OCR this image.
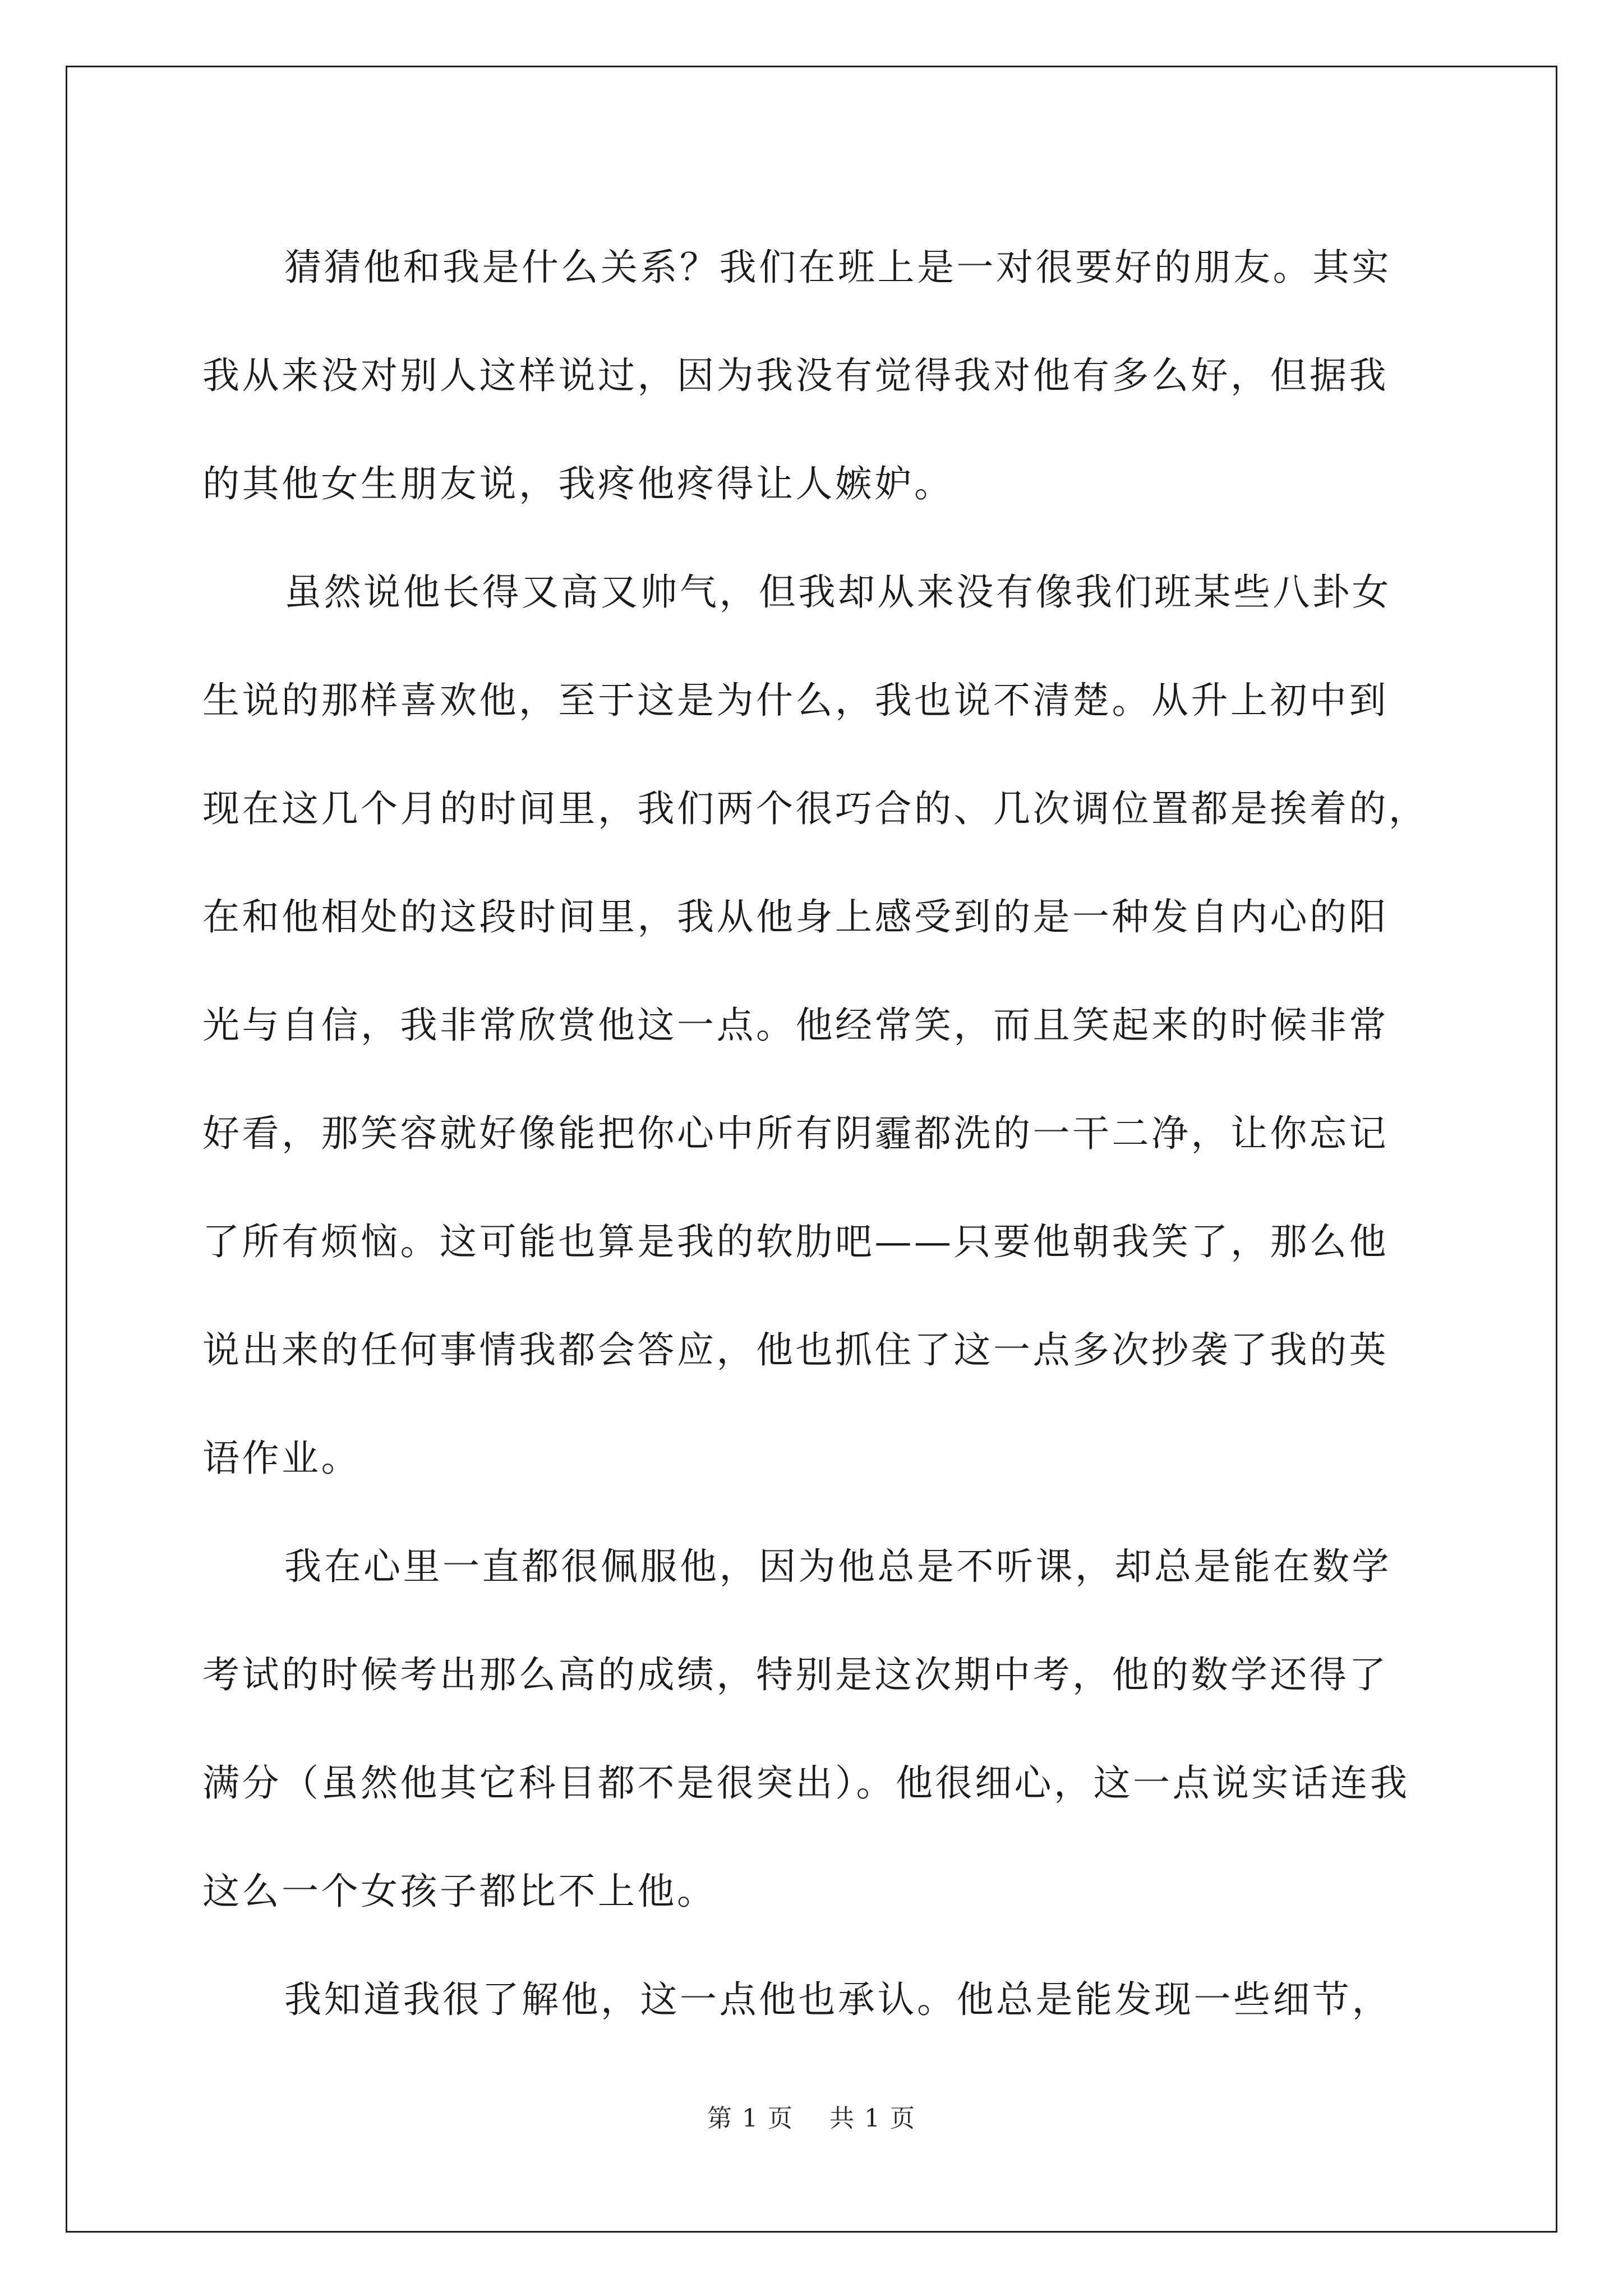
猜猜他和我是什么关系？我们在班上是一对很要好的朋友。其实
我从来没对别人这样说过，因为我没有觉得我对他有多么好，但据我
的其他女生朋友说，我疼他疼得让人嫉妒。
虽然说他长得又高又帅气，但我却从来没有像我们班某些八卦女
生说的那样喜欢他，至于这是为什么，我也说不清楚。从升上初中到
现在这几个月的时间里，我们两个很巧合的、几次调位置都是挨着的，
在和他相处的这段时间里，我从他身上感受到的是一种发自内心的阳
光与自信，我非常欣赏他这一点。他经常笑，而且笑起来的时候非常
好看，那笑容就好像能把你心中所有阴霾都洗的一干二净，让你忘记
了所有烦恼。这可能也算是我的软肋吧——只要他朝我笑了，那么他
说出来的任何事情我都会答应，他也抓住了这一点多次抄袭了我的英
语作业。
我在心里一直都很佩服他，因为他总是不听课，却总是能在数学
考试的时候考出那么高的成绩，特别是这次期中考，他的数学还得了
满分（虽然他其它科目都不是很突出）。他很细心，这一点说实话连我
这么一个女孩子都比不上他。
我知道我很了解他，这一点他也承认。他总是能发现一些细节，
第 1 页 共 1 页
